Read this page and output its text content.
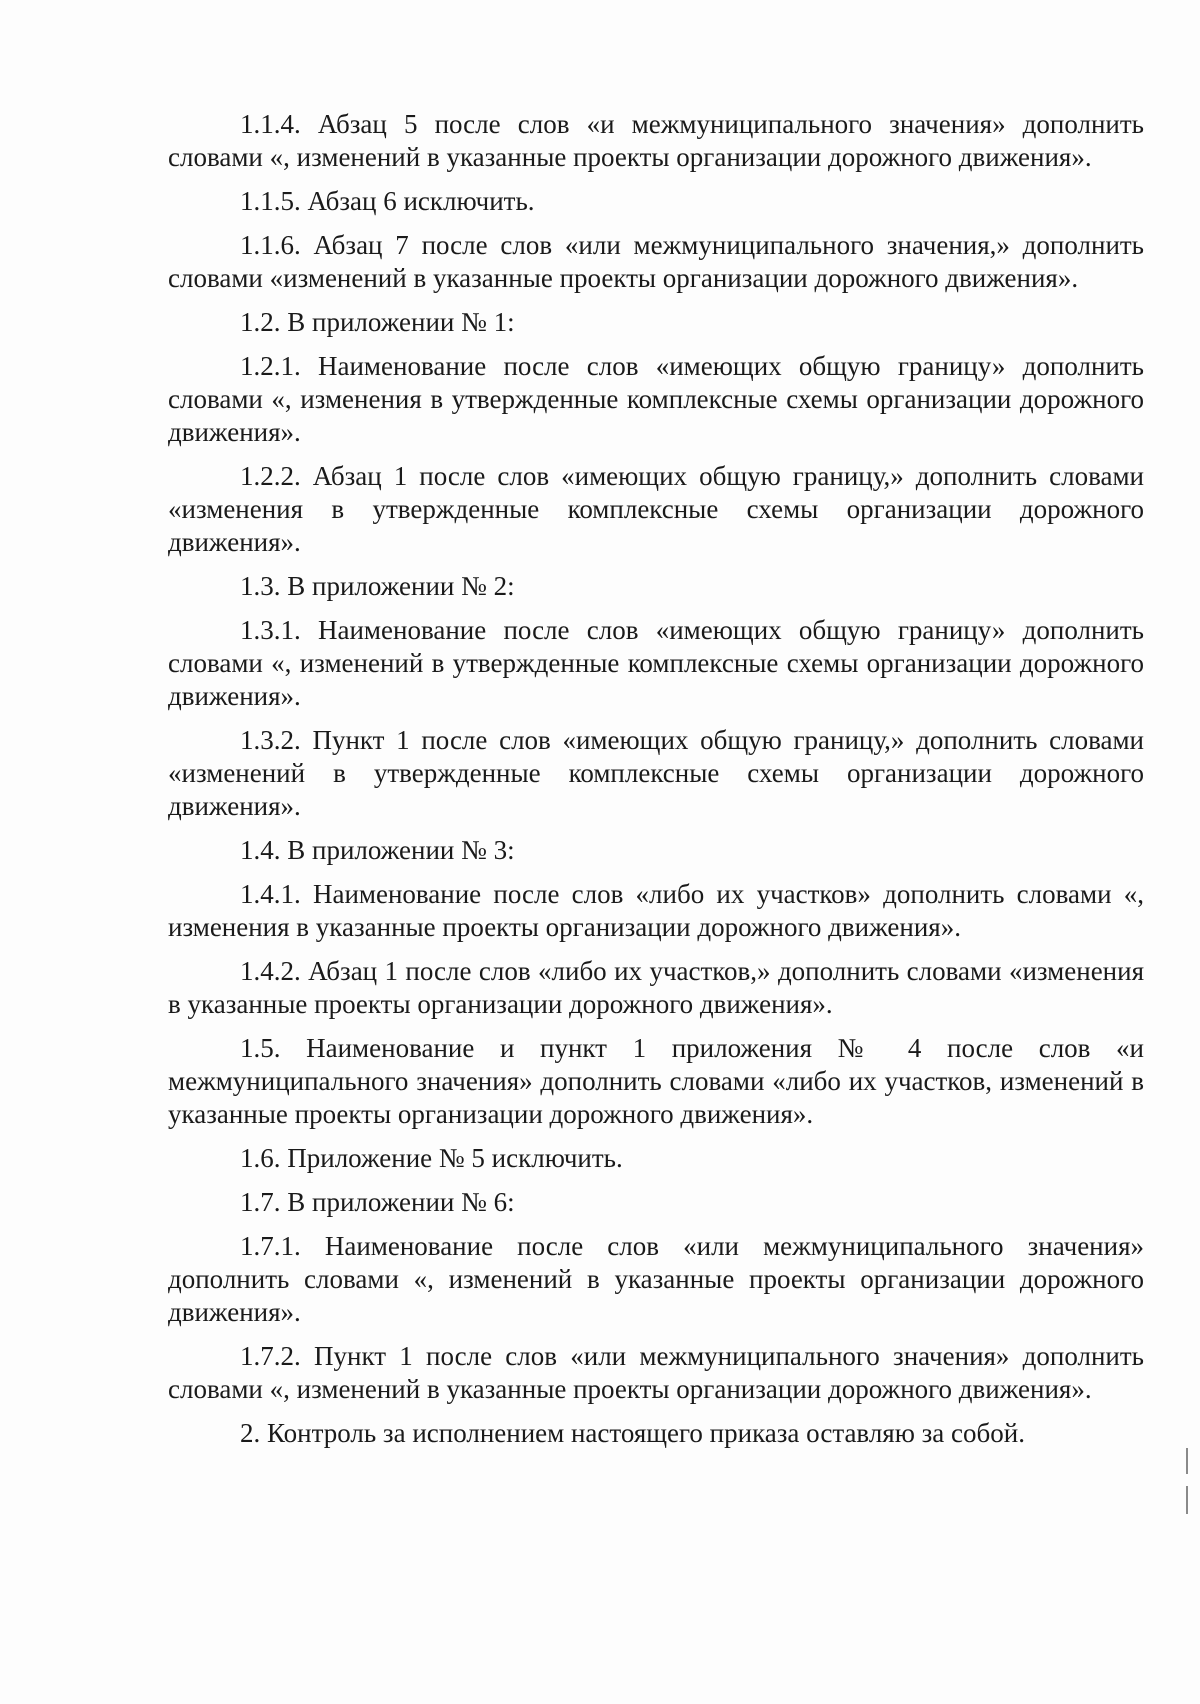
1.1.4. Абзац 5 после слов «и межмуниципального значения» дополнить словами «, изменений в указанные проекты организации дорожного движения».

1.1.5. Абзац 6 исключить.

1.1.6. Абзац 7 после слов «или межмуниципального значения,» дополнить словами «изменений в указанные проекты организации дорожного движения».

1.2. В приложении № 1:

1.2.1. Наименование после слов «имеющих общую границу» дополнить словами «, изменения в утвержденные комплексные схемы организации дорожного движения».

1.2.2. Абзац 1 после слов «имеющих общую границу,» дополнить словами «изменения в утвержденные комплексные схемы организации дорожного движения».

1.3. В приложении № 2:

1.3.1. Наименование после слов «имеющих общую границу» дополнить словами «, изменений в утвержденные комплексные схемы организации дорожного движения».

1.3.2. Пункт 1 после слов «имеющих общую границу,» дополнить словами «изменений в утвержденные комплексные схемы организации дорожного движения».

1.4. В приложении № 3:

1.4.1. Наименование после слов «либо их участков» дополнить словами «, изменения в указанные проекты организации дорожного движения».

1.4.2. Абзац 1 после слов «либо их участков,» дополнить словами «изменения в указанные проекты организации дорожного движения».

1.5. Наименование и пункт 1 приложения № 4 после слов «и межмуниципального значения» дополнить словами «либо их участков, изменений в указанные проекты организации дорожного движения».

1.6. Приложение № 5 исключить.

1.7. В приложении № 6:

1.7.1. Наименование после слов «или межмуниципального значения» дополнить словами «, изменений в указанные проекты организации дорожного движения».

1.7.2. Пункт 1 после слов «или межмуниципального значения» дополнить словами «, изменений в указанные проекты организации дорожного движения».

2. Контроль за исполнением настоящего приказа оставляю за собой.
